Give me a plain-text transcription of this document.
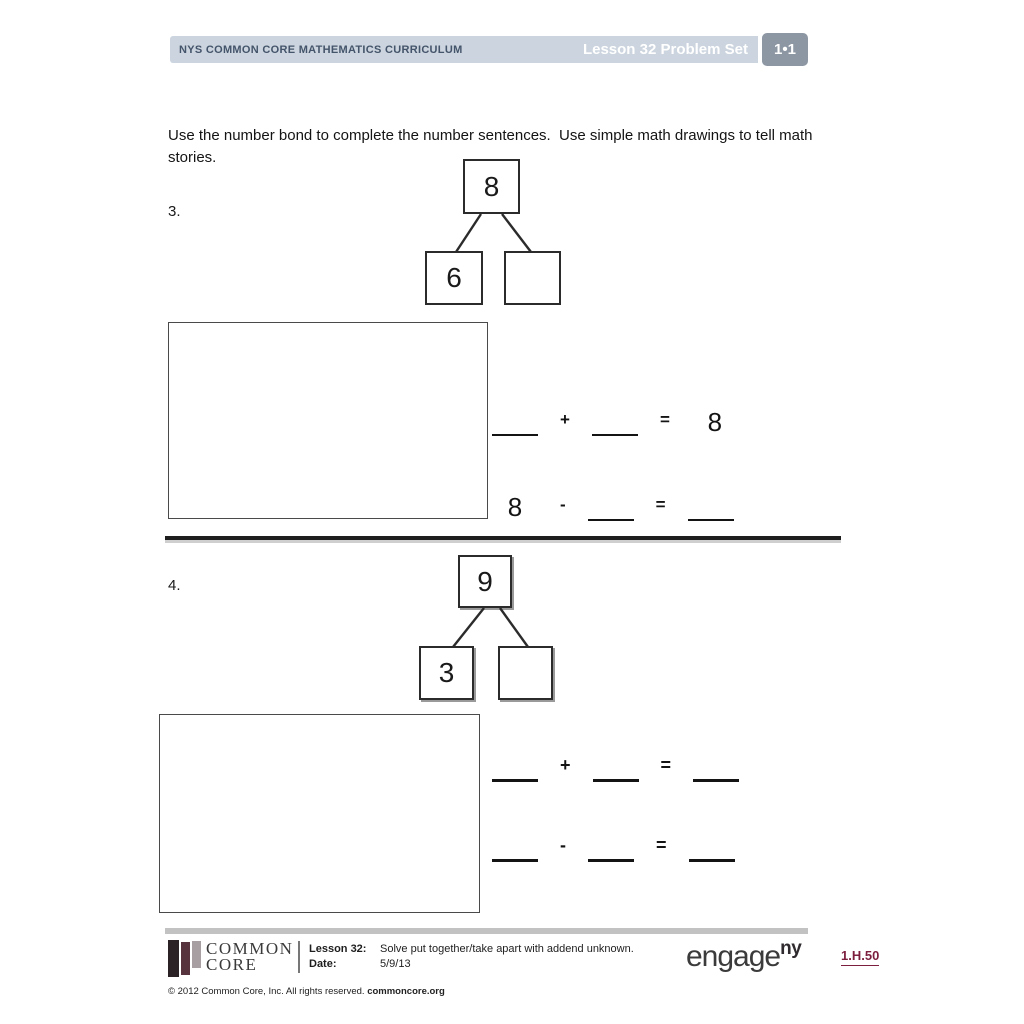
NYS COMMON CORE MATHEMATICS CURRICULUM	Lesson 32 Problem Set	1•1
Use the number bond to complete the number sentences.  Use simple math drawings to tell math stories.
3.
8
6
+	=	8
8	-	=
4.	9
3
+	=
-	=
COMMON
CORE
Lesson 32:
Date:
Solve put together/take apart with addend unknown.
5/9/13	engageny	1.H.50
© 2012 Common Core, Inc. All rights reserved. commoncore.org
